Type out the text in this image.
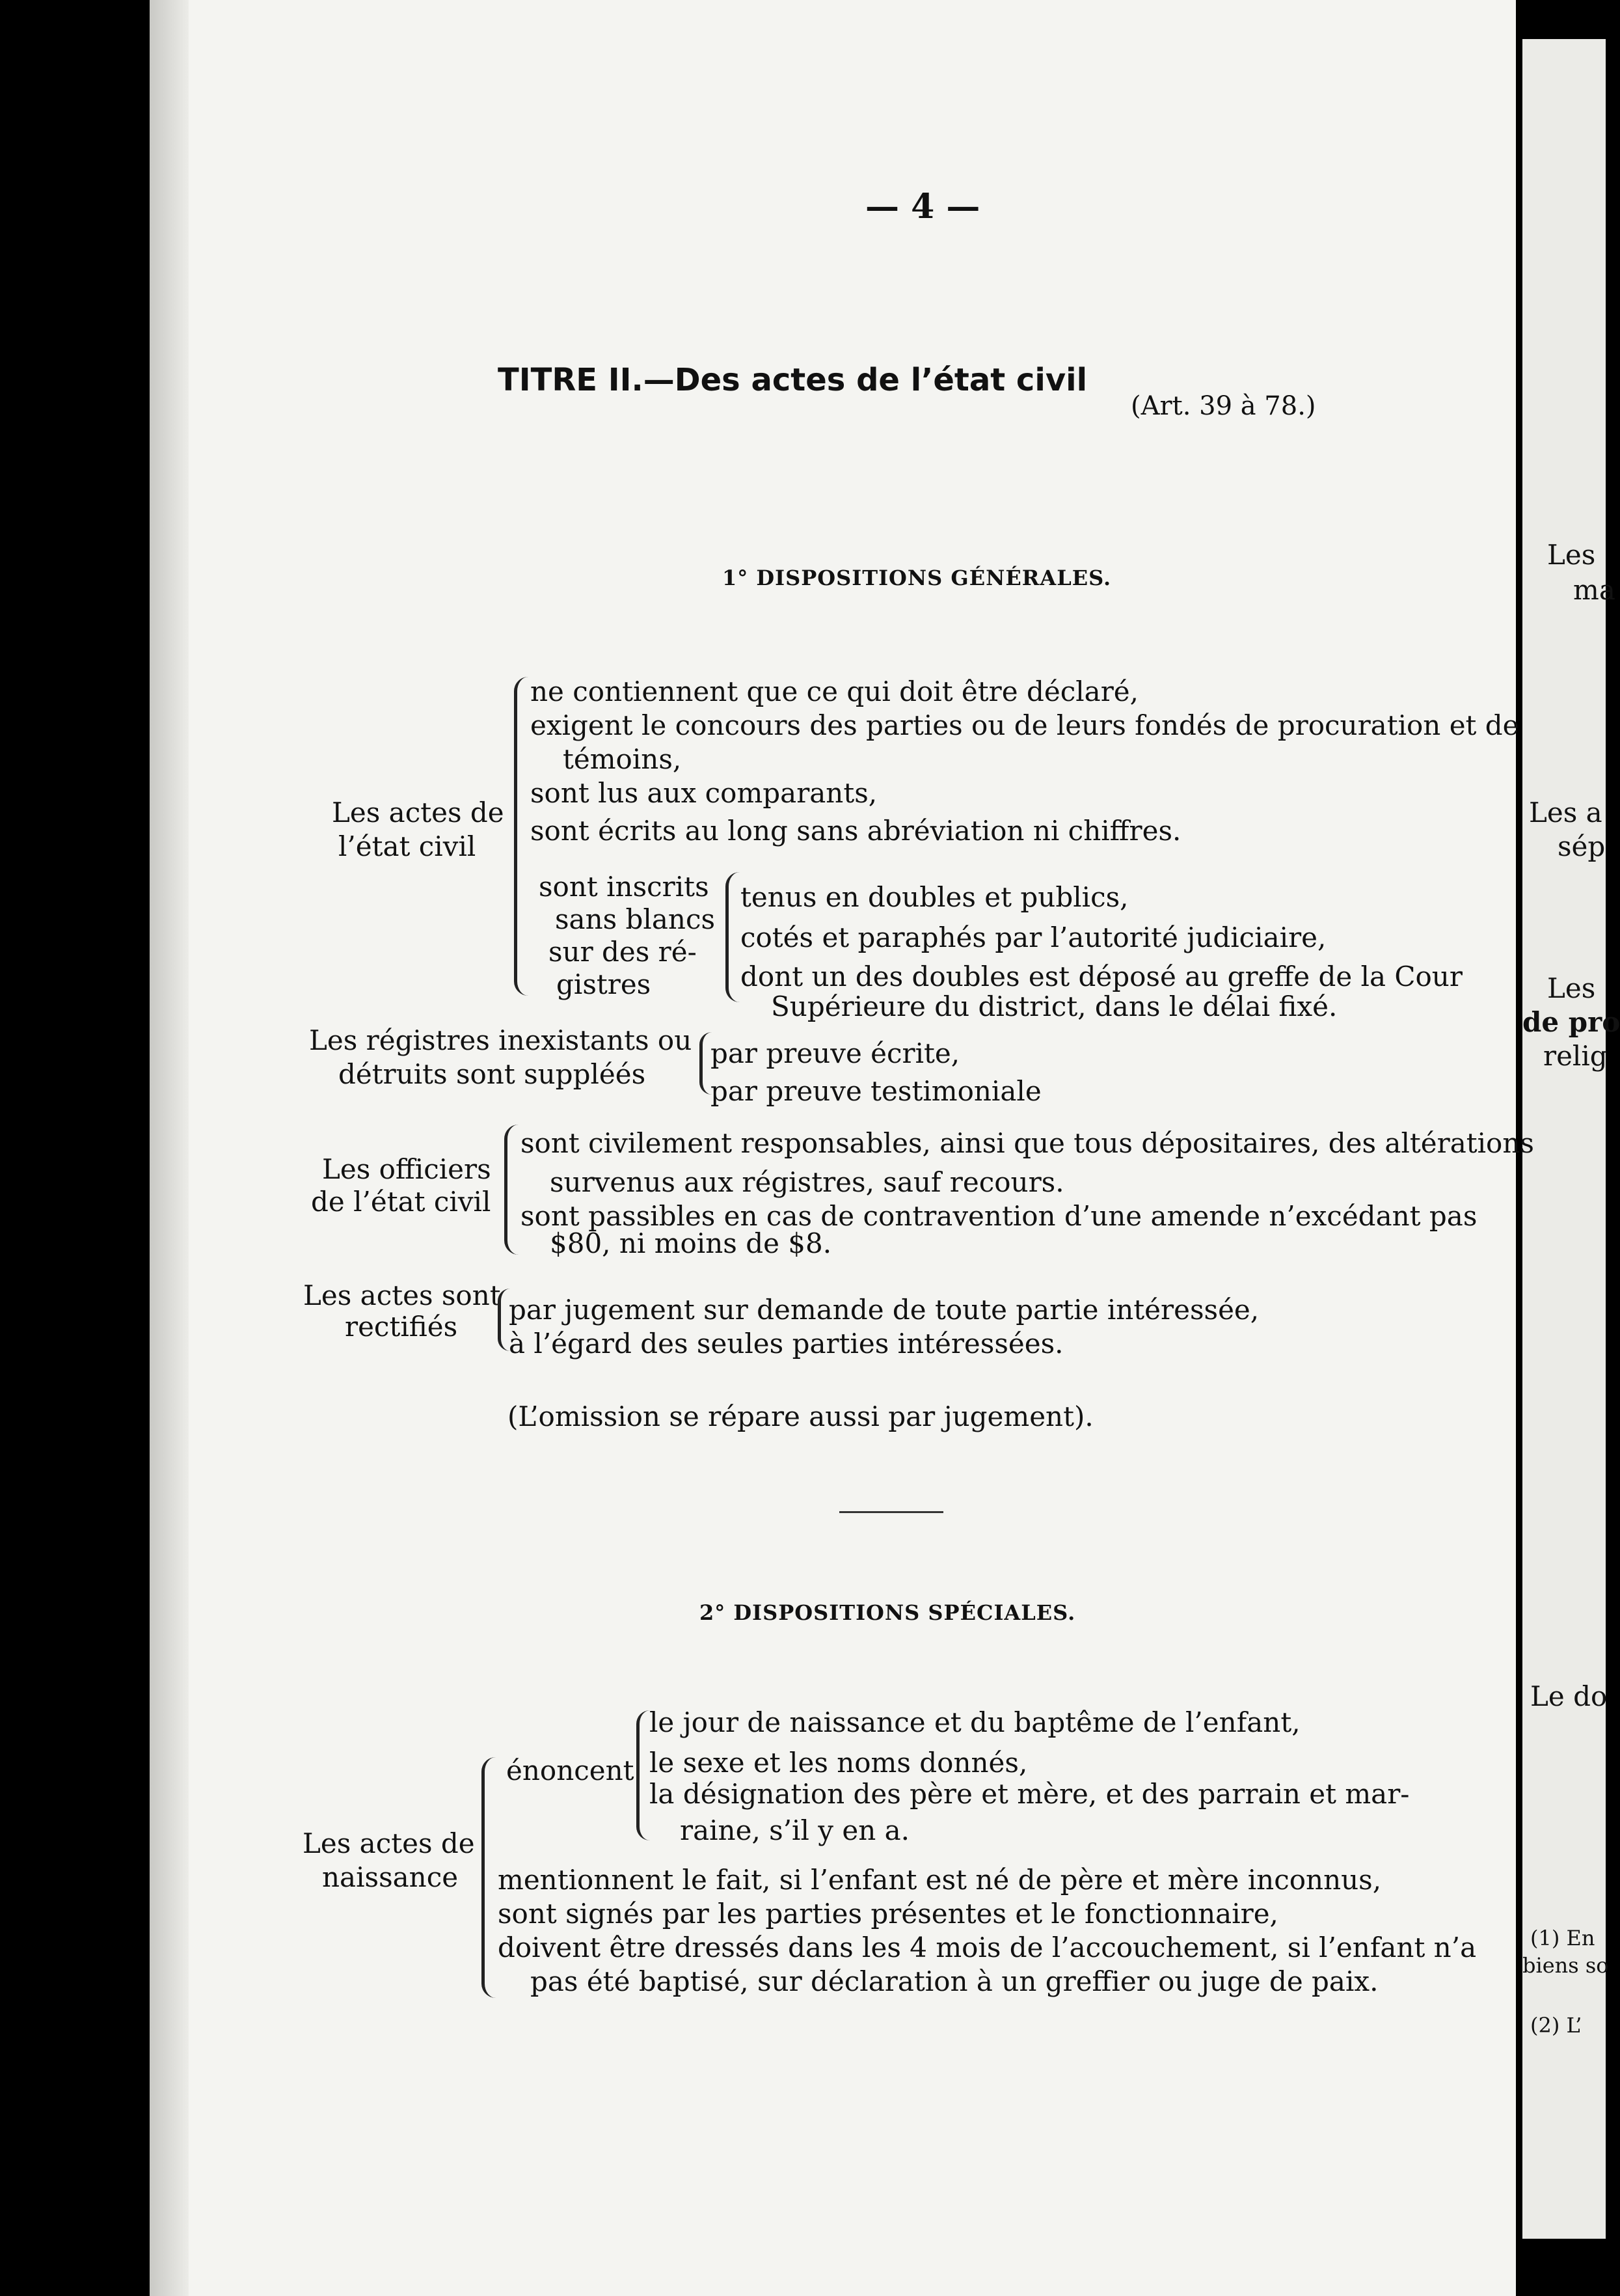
— 4 —
TITRE II.—Des actes de l’état civil
(Art. 39 à 78.)
1° DISPOSITIONS GÉNÉRALES.
Les actes de
l’état civil
ne contiennent que ce qui doit être déclaré,
exigent le concours des parties ou de leurs fondés de procuration et de
témoins,
sont lus aux comparants,
sont écrits au long sans abréviation ni chiffres.
sont inscrits
sans blancs
sur des ré-
gistres
tenus en doubles et publics,
cotés et paraphés par l’autorité judiciaire,
dont un des doubles est déposé au greffe de la Cour
Supérieure du district, dans le délai fixé.
Les régistres inexistants ou
détruits sont suppléés
par preuve écrite,
par preuve testimoniale
Les officiers
de l’état civil
sont civilement responsables, ainsi que tous dépositaires, des altérations
survenus aux régistres, sauf recours.
sont passibles en cas de contravention d’une amende n’excédant pas
$80, ni moins de $8.
Les actes sont
rectifiés
par jugement sur demande de toute partie intéressée,
à l’égard des seules parties intéressées.
(L’omission se répare aussi par jugement).
2° DISPOSITIONS SPÉCIALES.
Les actes de
naissance
énoncent
le jour de naissance et du baptême de l’enfant,
le sexe et les noms donnés,
la désignation des père et mère, et des parrain et mar-
raine, s’il y en a.
mentionnent le fait, si l’enfant est né de père et mère inconnus,
sont signés par les parties présentes et le fonctionnaire,
doivent être dressés dans les 4 mois de l’accouchement, si l’enfant n’a
pas été baptisé, sur déclaration à un greffier ou juge de paix.
Les
ma
Les a
sép
Les
de pro
relig
Le do
(1) En
biens so
(2) L’
